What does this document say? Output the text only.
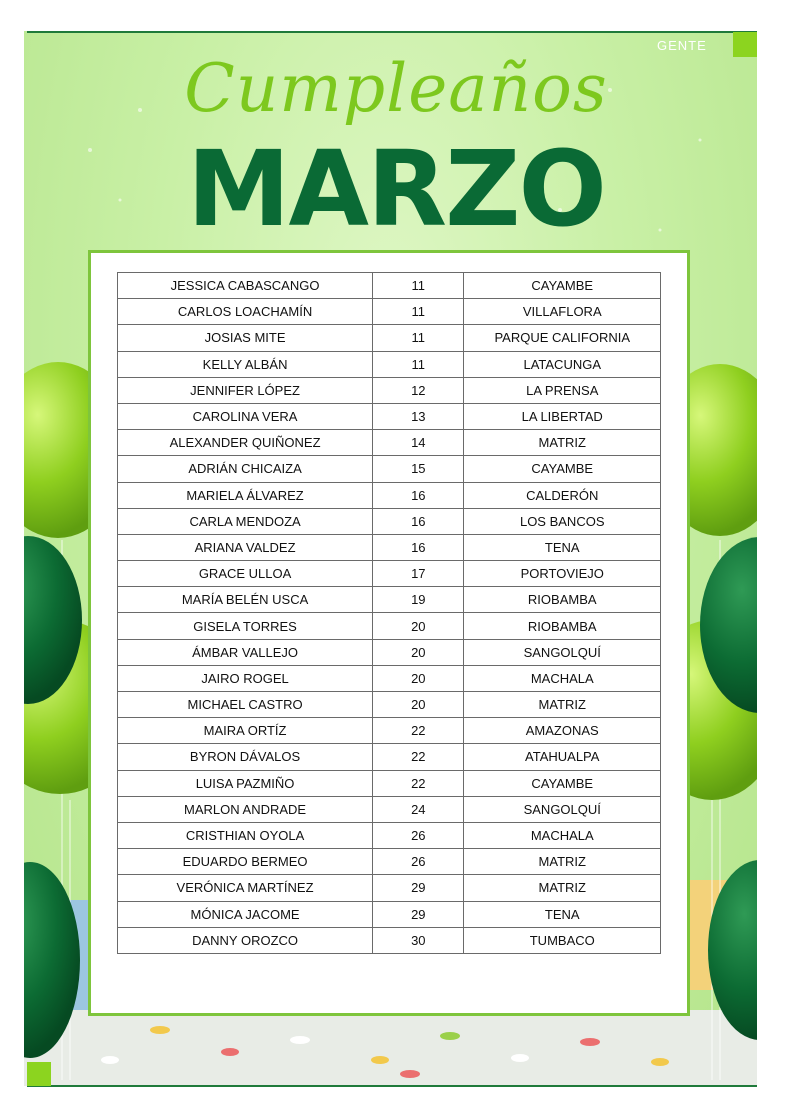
GENTE
Cumpleaños
MARZO
JESSICA CABASCANGO	11	CAYAMBE
CARLOS LOACHAMÍN	11	VILLAFLORA
JOSIAS MITE	11	PARQUE CALIFORNIA
KELLY ALBÁN	11	LATACUNGA
JENNIFER LÓPEZ	12	LA PRENSA
CAROLINA VERA	13	LA LIBERTAD
ALEXANDER QUIÑONEZ	14	MATRIZ
ADRIÁN CHICAIZA	15	CAYAMBE
MARIELA ÁLVAREZ	16	CALDERÓN
CARLA MENDOZA	16	LOS BANCOS
ARIANA VALDEZ	16	TENA
GRACE ULLOA	17	PORTOVIEJO
MARÍA BELÉN USCA	19	RIOBAMBA
GISELA TORRES	20	RIOBAMBA
ÁMBAR VALLEJO	20	SANGOLQUÍ
JAIRO ROGEL	20	MACHALA
MICHAEL CASTRO	20	MATRIZ
MAIRA ORTÍZ	22	AMAZONAS
BYRON DÁVALOS	22	ATAHUALPA
LUISA PAZMIÑO	22	CAYAMBE
MARLON ANDRADE	24	SANGOLQUÍ
CRISTHIAN OYOLA	26	MACHALA
EDUARDO BERMEO	26	MATRIZ
VERÓNICA MARTÍNEZ	29	MATRIZ
MÓNICA JACOME	29	TENA
DANNY OROZCO	30	TUMBACO
